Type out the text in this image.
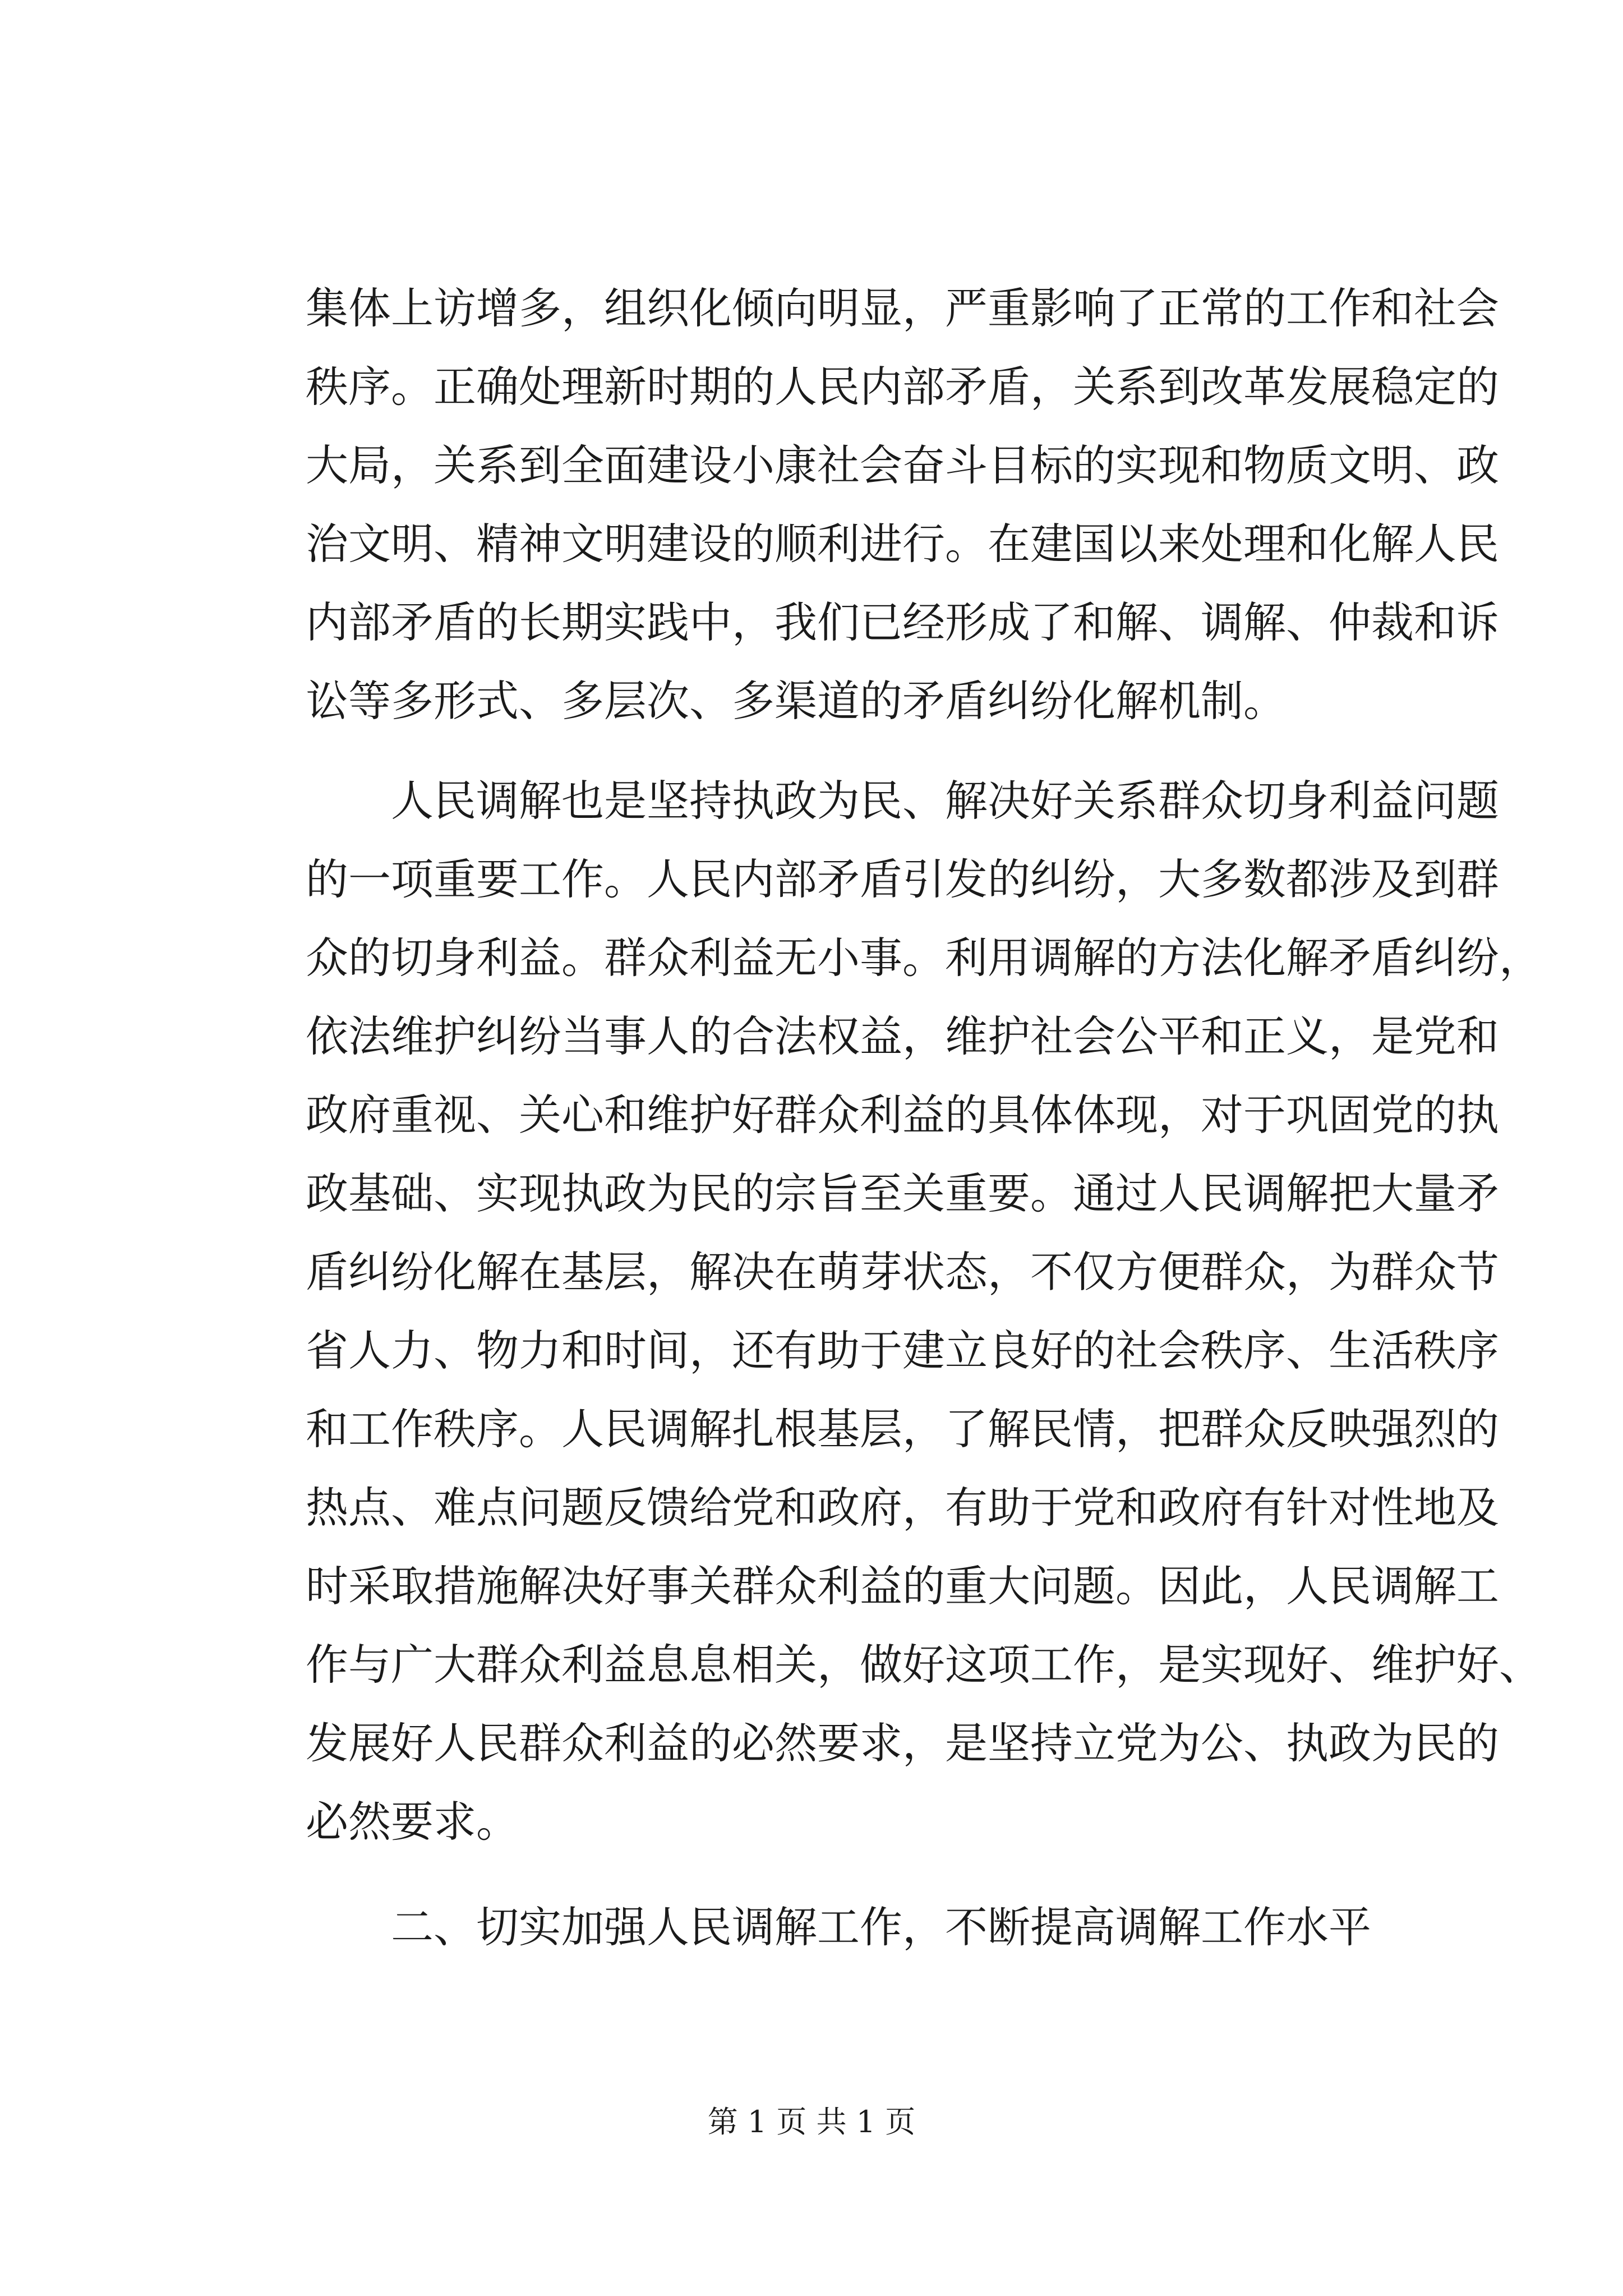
集体上访增多，组织化倾向明显，严重影响了正常的工作和社会
秩序。正确处理新时期的人民内部矛盾，关系到改革发展稳定的
大局，关系到全面建设小康社会奋斗目标的实现和物质文明、政
治文明、精神文明建设的顺利进行。在建国以来处理和化解人民
内部矛盾的长期实践中，我们已经形成了和解、调解、仲裁和诉
讼等多形式、多层次、多渠道的矛盾纠纷化解机制。
人民调解也是坚持执政为民、解决好关系群众切身利益问题
的一项重要工作。人民内部矛盾引发的纠纷，大多数都涉及到群
众的切身利益。群众利益无小事。利用调解的方法化解矛盾纠纷，
依法维护纠纷当事人的合法权益，维护社会公平和正义，是党和
政府重视、关心和维护好群众利益的具体体现，对于巩固党的执
政基础、实现执政为民的宗旨至关重要。通过人民调解把大量矛
盾纠纷化解在基层，解决在萌芽状态，不仅方便群众，为群众节
省人力、物力和时间，还有助于建立良好的社会秩序、生活秩序
和工作秩序。人民调解扎根基层，了解民情，把群众反映强烈的
热点、难点问题反馈给党和政府，有助于党和政府有针对性地及
时采取措施解决好事关群众利益的重大问题。因此，人民调解工
作与广大群众利益息息相关，做好这项工作，是实现好、维护好、
发展好人民群众利益的必然要求，是坚持立党为公、执政为民的
必然要求。
二、切实加强人民调解工作，不断提高调解工作水平
第 1 页 共 1 页
